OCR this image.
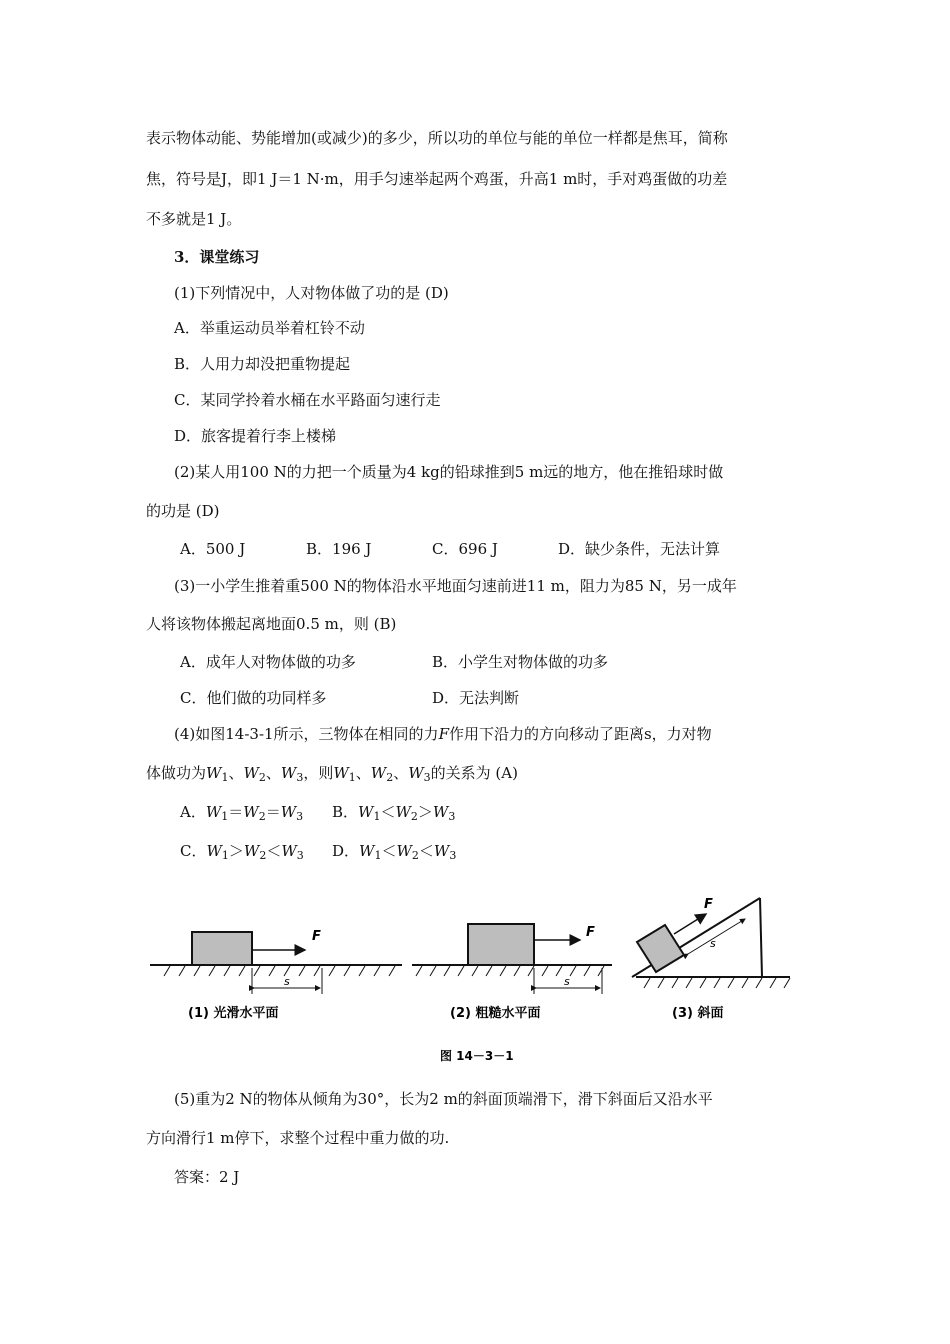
表示物体动能、势能增加(或减少)的多少，所以功的单位与能的单位一样都是焦耳，简称
焦，符号是J，即1 J＝1 N·m，用手匀速举起两个鸡蛋，升高1 m时，手对鸡蛋做的功差
不多就是1 J。
3．课堂练习
(1)下列情况中，人对物体做了功的是 (D)
A．举重运动员举着杠铃不动
B．人用力却没把重物提起
C．某同学拎着水桶在水平路面匀速行走
D．旅客提着行李上楼梯
(2)某人用100 N的力把一个质量为4 kg的铅球推到5 m远的地方，他在推铅球时做
的功是 (D)
A．500 J	B．196 J	C．696 J	D．缺少条件，无法计算
(3)一小学生推着重500 N的物体沿水平地面匀速前进11 m，阻力为85 N，另一成年
人将该物体搬起离地面0.5 m，则 (B)
A．成年人对物体做的功多	B．小学生对物体做的功多
C．他们做的功同样多	D．无法判断
(4)如图14-3-1所示，三物体在相同的力F作用下沿力的方向移动了距离s，力对物
体做功为$W_1$、$W_2$、$W_3$，则$W_1$、$W_2$、$W_3$的关系为 (A)
A．$W_1=W_2=W_3$ B．$W_1<W_2>W_3$
C．$W_1>W_2<W_3$ D．$W_1<W_2<W_3$
F
s
(1) 光滑水平面
F
s
(2) 粗糙水平面
F
s
(3) 斜面
图 14－3－1
(5)重为2 N的物体从倾角为30°，长为2 m的斜面顶端滑下，滑下斜面后又沿水平
方向滑行1 m停下，求整个过程中重力做的功.
答案：2 J
